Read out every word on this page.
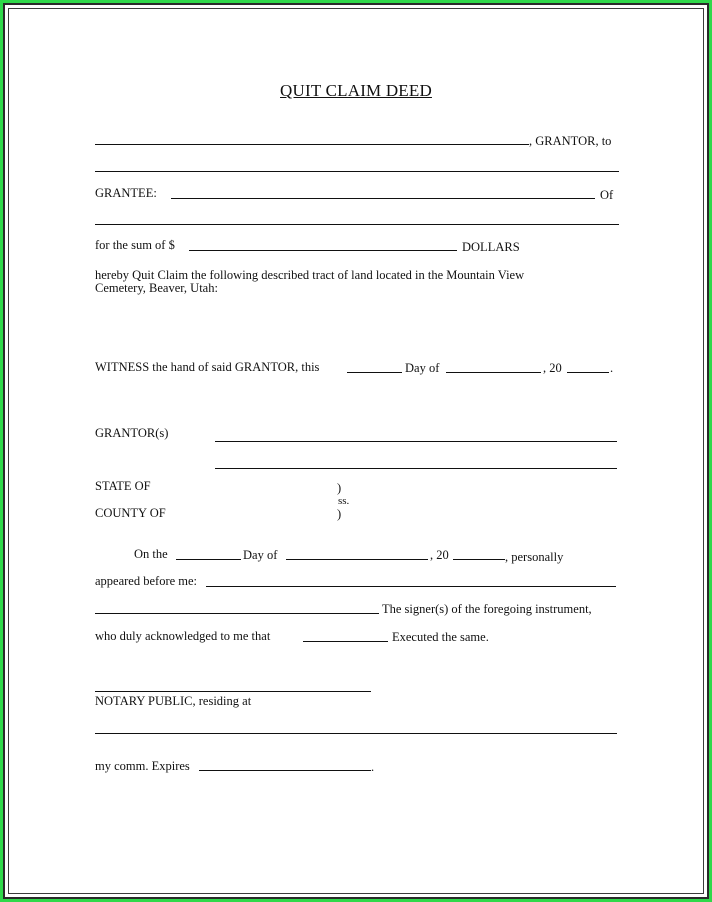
QUIT CLAIM DEED
, GRANTOR, to
GRANTEE:	Of
for the sum of $	DOLLARS
hereby Quit Claim the following described tract of land located in the Mountain View
Cemetery, Beaver, Utah:
WITNESS the hand of said GRANTOR, this	Day of	, 20	.
GRANTOR(s)
STATE OF	)
ss.
COUNTY OF	)
On the	Day of	, 20	, personally
appeared before me:
The signer(s) of the foregoing instrument,
who duly acknowledged to me that	Executed the same.
NOTARY PUBLIC, residing at
my comm. Expires	.
